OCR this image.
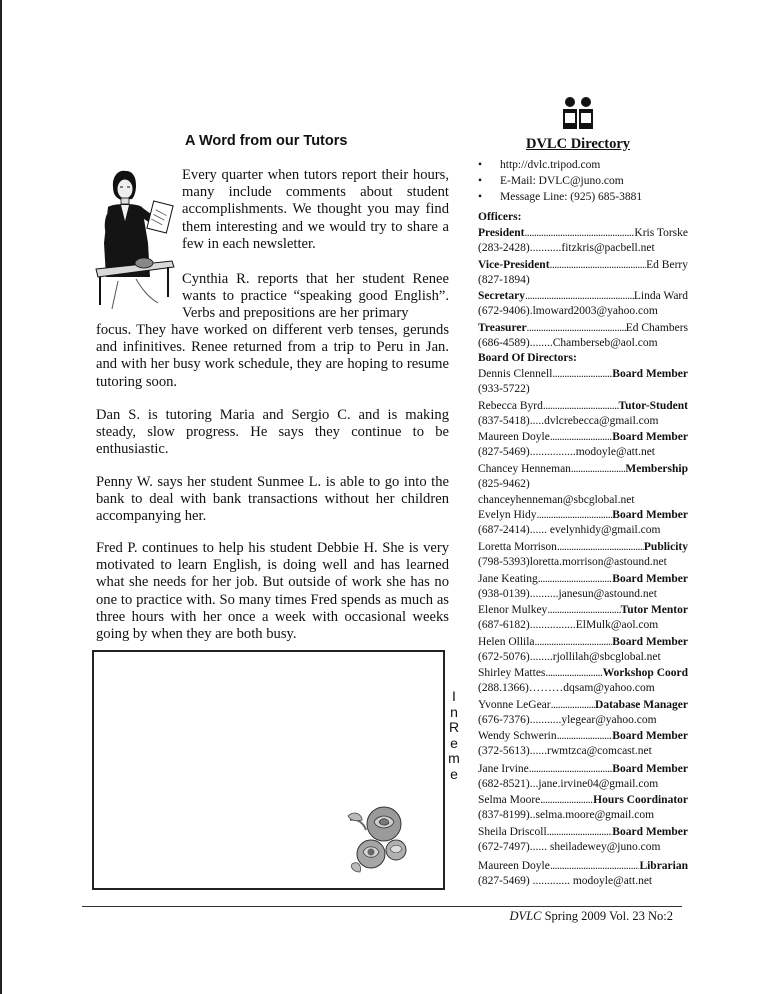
A Word from our Tutors
Every quarter when tutors report their hours, many include comments about student accomplishments. We thought you may find them interesting and we would try to share a few in each newsletter.
Cynthia R. reports that her student Renee wants to practice “speaking good English”. Verbs and prepositions are her primary
focus. They have worked on different verb tenses, gerunds and infinitives. Renee returned from a trip to Peru in Jan. and with her busy work schedule, they are hoping to resume tutoring soon.
Dan S. is tutoring Maria and Sergio C. and is making steady, slow progress. He says they continue to be enthusiastic.
Penny W. says her student Sunmee L. is able to go into the bank to deal with bank transactions without her children accompanying her.
Fred P. continues to help his student Debbie H. She is very motivated to learn English, is doing well and has learned what she needs for her job. But outside of work she has no one to practice with. So many times Fred spends as much as three hours with her once a week with occasional weeks going by when they are both busy.
I
n
R
e
m
e
DVLC Directory
• http://dvlc.tripod.com
• E-Mail: DVLC@juno.com
• Message Line: (925) 685-3881
Officers:
President .....	Kris Torske
(283-2428)...........fitzkris@pacbell.net
Vice-President .....	Ed Berry
(827-1894)
Secretary .....	Linda Ward
(672-9406).lmoward2003@yahoo.com
Treasurer .....	Ed Chambers
(686-4589)........Chamberseb@aol.com
Board Of Directors:
Dennis Clennell .....	Board Member
(933-5722)
Rebecca Byrd .....	Tutor-Student
(837-5418).....dvlcrebecca@gmail.com
Maureen Doyle .....	Board Member
(827-5469)................modoyle@att.net
Chancey Henneman .....	Membership
(825-9462)
chanceyhenneman@sbcglobal.net
Evelyn Hidy .....	Board Member
(687-2414)...... evelynhidy@gmail.com
Loretta Morrison .....	Publicity
(798-5393)loretta.morrison@astound.net
Jane Keating .....	Board Member
(938-0139)..........janesun@astound.net
Elenor Mulkey .....	Tutor Mentor
(687-6182)................ElMulk@aol.com
Helen Ollila .....	Board Member
(672-5076)........rjollilah@sbcglobal.net
Shirley Mattes .....	Workshop Coord
(288.1366)………dqsam@yahoo.com
Yvonne LeGear .....	Database Manager
(676-7376)...........ylegear@yahoo.com
Wendy Schwerin .....	Board Member
(372-5613)......rwmtzca@comcast.net
Jane Irvine .....	Board Member
(682-8521)...jane.irvine04@gmail.com
Selma Moore .....	Hours Coordinator
(837-8199)..selma.moore@gmail.com
Sheila Driscoll .....	Board Member
(672-7497)...... sheiladewey@juno.com
Maureen Doyle .....	Librarian
(827-5469) ............. modoyle@att.net
DVLC Spring 2009 Vol. 23 No:2
